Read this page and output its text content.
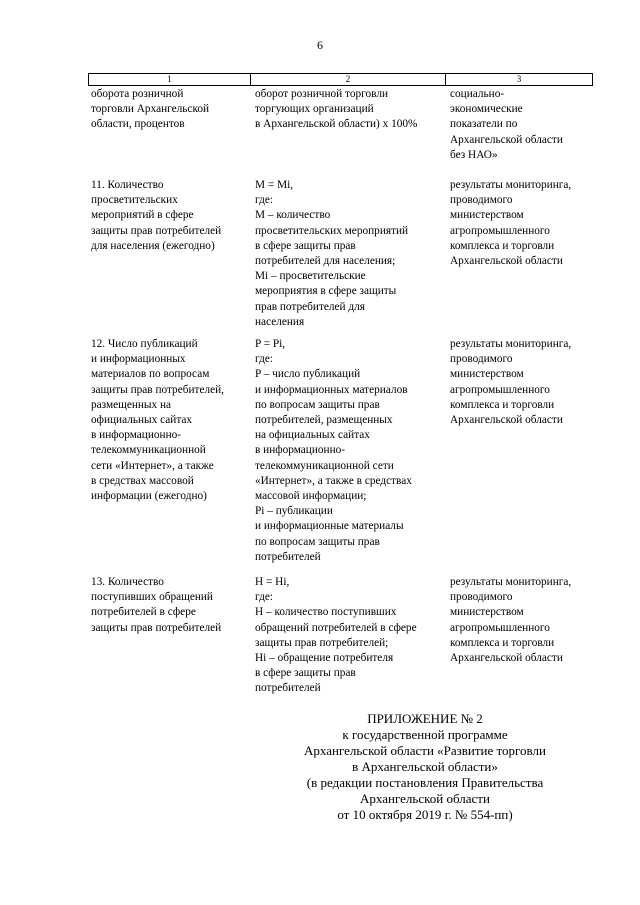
6
1	2	3
оборота розничной
торговли Архангельской
области, процентов
оборот розничной торговли
торгующих организаций
в Архангельской области) х 100%
социально-
экономические
показатели по
Архангельской области
без НАО»
11. Количество
просветительских
мероприятий в сфере
защиты прав потребителей
для населения (ежегодно)
M = Mi,
где:
M – количество
просветительских мероприятий
в сфере защиты прав
потребителей для населения;
Mi – просветительские
мероприятия в сфере защиты
прав потребителей для
населения
результаты мониторинга,
проводимого
министерством
агропромышленного
комплекса и торговли
Архангельской области
12. Число публикаций
и информационных
материалов по вопросам
защиты прав потребителей,
размещенных на
официальных сайтах
в информационно-
телекоммуникационной
сети «Интернет», а также
в средствах массовой
информации (ежегодно)
P = Pi,
где:
P – число публикаций
и информационных материалов
по вопросам защиты прав
потребителей, размещенных
на официальных сайтах
в информационно-
телекоммуникационной сети
«Интернет», а также в средствах
массовой информации;
Pi – публикации
и информационные материалы
по вопросам защиты прав
потребителей
результаты мониторинга,
проводимого
министерством
агропромышленного
комплекса и торговли
Архангельской области
13. Количество
поступивших обращений
потребителей в сфере
защиты прав потребителей
H = Hi,
где:
H – количество поступивших
обращений потребителей в сфере
защиты прав потребителей;
Hi – обращение потребителя
в сфере защиты прав
потребителей
результаты мониторинга,
проводимого
министерством
агропромышленного
комплекса и торговли
Архангельской области
ПРИЛОЖЕНИЕ № 2
к государственной программе
Архангельской области «Развитие торговли
в Архангельской области»
(в редакции постановления Правительства
Архангельской области
от 10 октября 2019 г. № 554-пп)
